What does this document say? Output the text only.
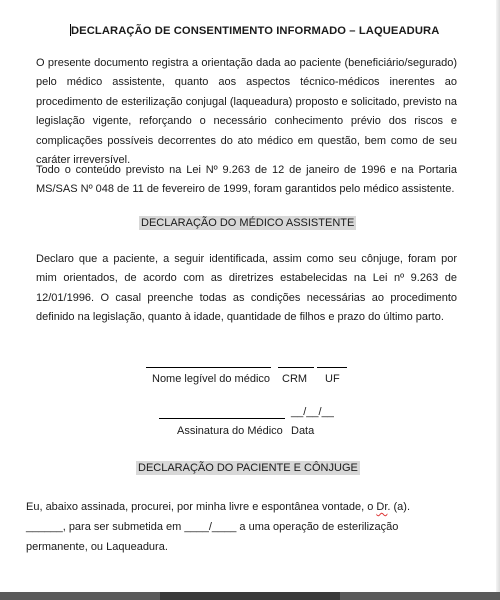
DECLARAÇÃO DE CONSENTIMENTO INFORMADO – LAQUEADURA
O presente documento registra a orientação dada ao paciente (beneficiário/segurado) pelo médico assistente, quanto aos aspectos técnico-médicos inerentes ao procedimento de esterilização conjugal (laqueadura) proposto e solicitado, previsto na legislação vigente, reforçando o necessário conhecimento prévio dos riscos e complicações possíveis decorrentes do ato médico em questão, bem como de seu caráter irreversível.
Todo o conteúdo previsto na Lei Nº 9.263 de 12 de janeiro de 1996 e na Portaria MS/SAS Nº 048 de 11 de fevereiro de 1999, foram garantidos pelo médico assistente.
DECLARAÇÃO DO MÉDICO ASSISTENTE
Declaro que a paciente, a seguir identificada, assim como seu cônjuge, foram por mim orientados, de acordo com as diretrizes estabelecidas na Lei nº 9.263 de 12/01/1996. O casal preenche todas as condições necessárias ao procedimento definido na legislação, quanto à idade, quantidade de filhos e prazo do último parto.
Nome legível do médico CRM UF
__/__/__
Assinatura do Médico Data
DECLARAÇÃO DO PACIENTE E CÔNJUGE
Eu, abaixo assinada, procurei, por minha livre e espontânea vontade, o Dr. (a). ______, para ser submetida em ____/____ a uma operação de esterilização permanente, ou Laqueadura.
